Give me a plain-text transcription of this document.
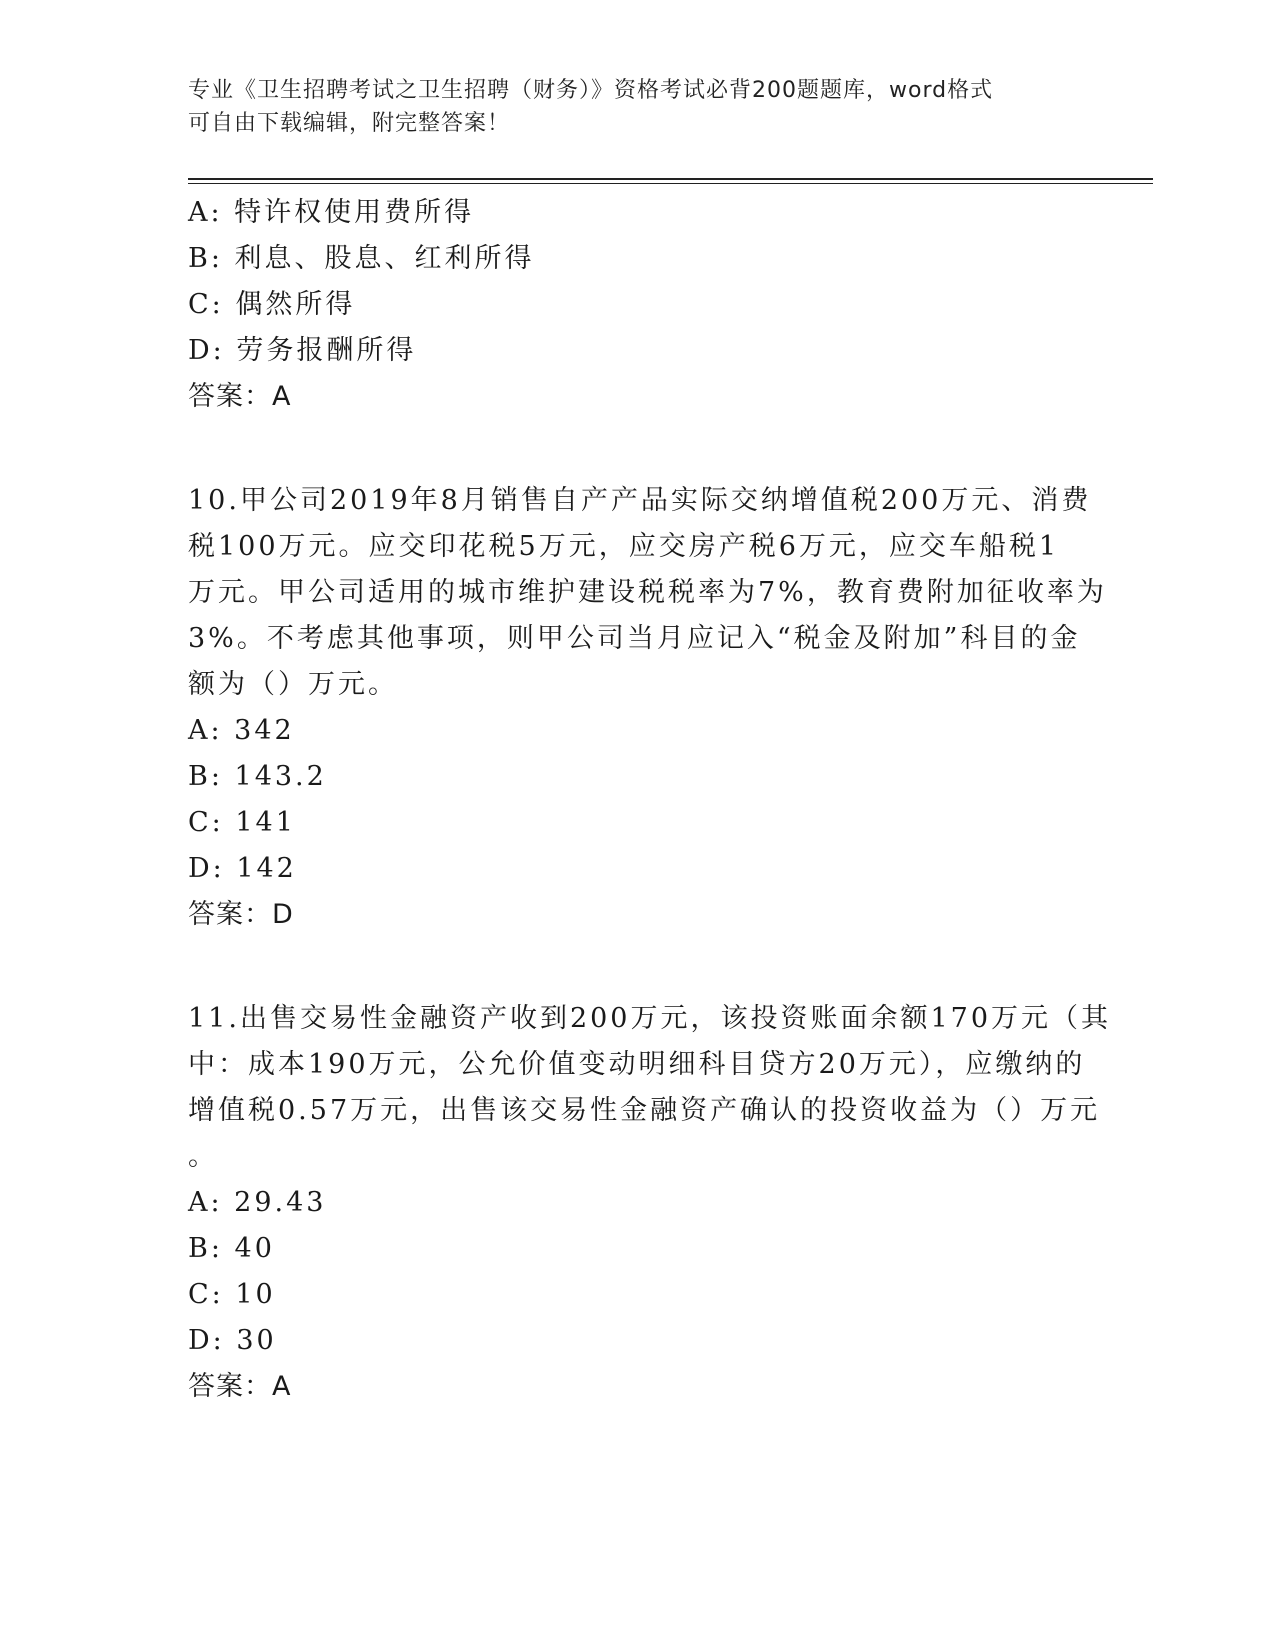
专业《卫生招聘考试之卫生招聘（财务）》资格考试必背200题题库，word格式
可自由下载编辑，附完整答案！
A: 特许权使用费所得
B: 利息、股息、红利所得
C: 偶然所得
D: 劳务报酬所得
答案：A
10.甲公司2019年8月销售自产产品实际交纳增值税200万元、消费
税100万元。应交印花税5万元，应交房产税6万元，应交车船税1
万元。甲公司适用的城市维护建设税税率为7%，教育费附加征收率为
3%。不考虑其他事项，则甲公司当月应记入“税金及附加”科目的金
额为（）万元。
A: 342
B: 143.2
C: 141
D: 142
答案：D
11.出售交易性金融资产收到200万元，该投资账面余额170万元（其
中：成本190万元，公允价值变动明细科目贷方20万元），应缴纳的
增值税0.57万元，出售该交易性金融资产确认的投资收益为（）万元
。
A: 29.43
B: 40
C: 10
D: 30
答案：A
